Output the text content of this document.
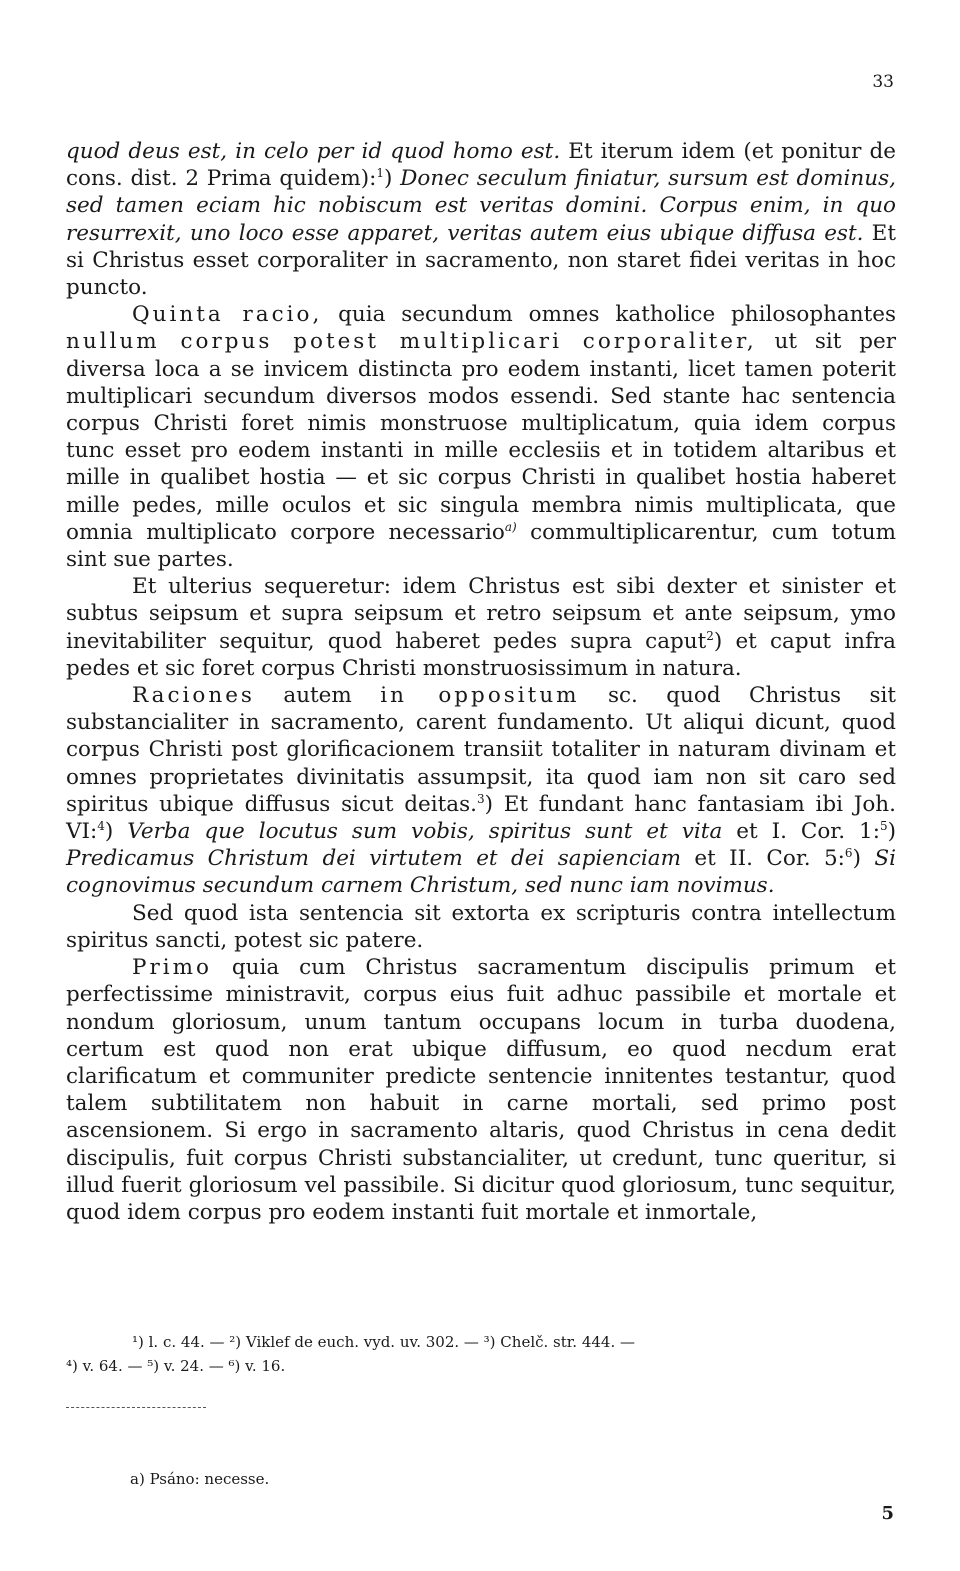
33

quod deus est, in celo per id quod homo est. Et iterum idem (et ponitur de cons. dist. 2 Prima quidem):$^1$) Donec seculum finiatur, sursum est dominus, sed tamen eciam hic nobiscum est veritas domini. Corpus enim, in quo resurrexit, uno loco esse apparet, veritas autem eius ubique diffusa est. Et si Christus esset corporaliter in sacramento, non staret fidei veritas in hoc puncto.

Quinta racio, quia secundum omnes katholice philosophantes nullum corpus potest multiplicari corporaliter, ut sit per diversa loca a se invicem distincta pro eodem instanti, licet tamen poterit multiplicari secundum diversos modos essendi. Sed stante hac sentencia corpus Christi foret nimis monstruose multiplicatum, quia idem corpus tunc esset pro eodem instanti in mille ecclesiis et in totidem altaribus et mille in qualibet hostia — et sic corpus Christi in qualibet hostia haberet mille pedes, mille oculos et sic singula membra nimis multiplicata, que omnia multiplicato corpore necessario$^{a)}$ commultiplicarentur, cum totum sint sue partes.

Et ulterius sequeretur: idem Christus est sibi dexter et sinister et subtus seipsum et supra seipsum et retro seipsum et ante seipsum, ymo inevitabiliter sequitur, quod haberet pedes supra caput$^2$) et caput infra pedes et sic foret corpus Christi monstruosissimum in natura.

Raciones autem in oppositum sc. quod Christus sit substancialiter in sacramento, carent fundamento. Ut aliqui dicunt, quod corpus Christi post glorificacionem transiit totaliter in naturam divinam et omnes proprietates divinitatis assumpsit, ita quod iam non sit caro sed spiritus ubique diffusus sicut deitas.$^3$) Et fundant hanc fantasiam ibi Joh. VI:$^4$) Verba que locutus sum vobis, spiritus sunt et vita et I. Cor. 1:$^5$) Predicamus Christum dei virtutem et dei sapienciam et II. Cor. 5:$^6$) Si cognovimus secundum carnem Christum, sed nunc iam novimus.

Sed quod ista sentencia sit extorta ex scripturis contra intellectum spiritus sancti, potest sic patere.

Primo quia cum Christus sacramentum discipulis primum et perfectissime ministravit, corpus eius fuit adhuc passibile et mortale et nondum gloriosum, unum tantum occupans locum in turba duodena, certum est quod non erat ubique diffusum, eo quod necdum erat clarificatum et communiter predicte sentencie innitentes testantur, quod talem subtilitatem non habuit in carne mortali, sed primo post ascensionem. Si ergo in sacramento altaris, quod Christus in cena dedit discipulis, fuit corpus Christi substancialiter, ut credunt, tunc queritur, si illud fuerit gloriosum vel passibile. Si dicitur quod gloriosum, tunc sequitur, quod idem corpus pro eodem instanti fuit mortale et inmortale,

¹) l. c. 44. — ²) Viklef de euch. vyd. uv. 302. — ³) Chelč. str. 444. —

⁴) v. 64. — ⁵) v. 24. — ⁶) v. 16.

a) Psáno: necesse.
5
